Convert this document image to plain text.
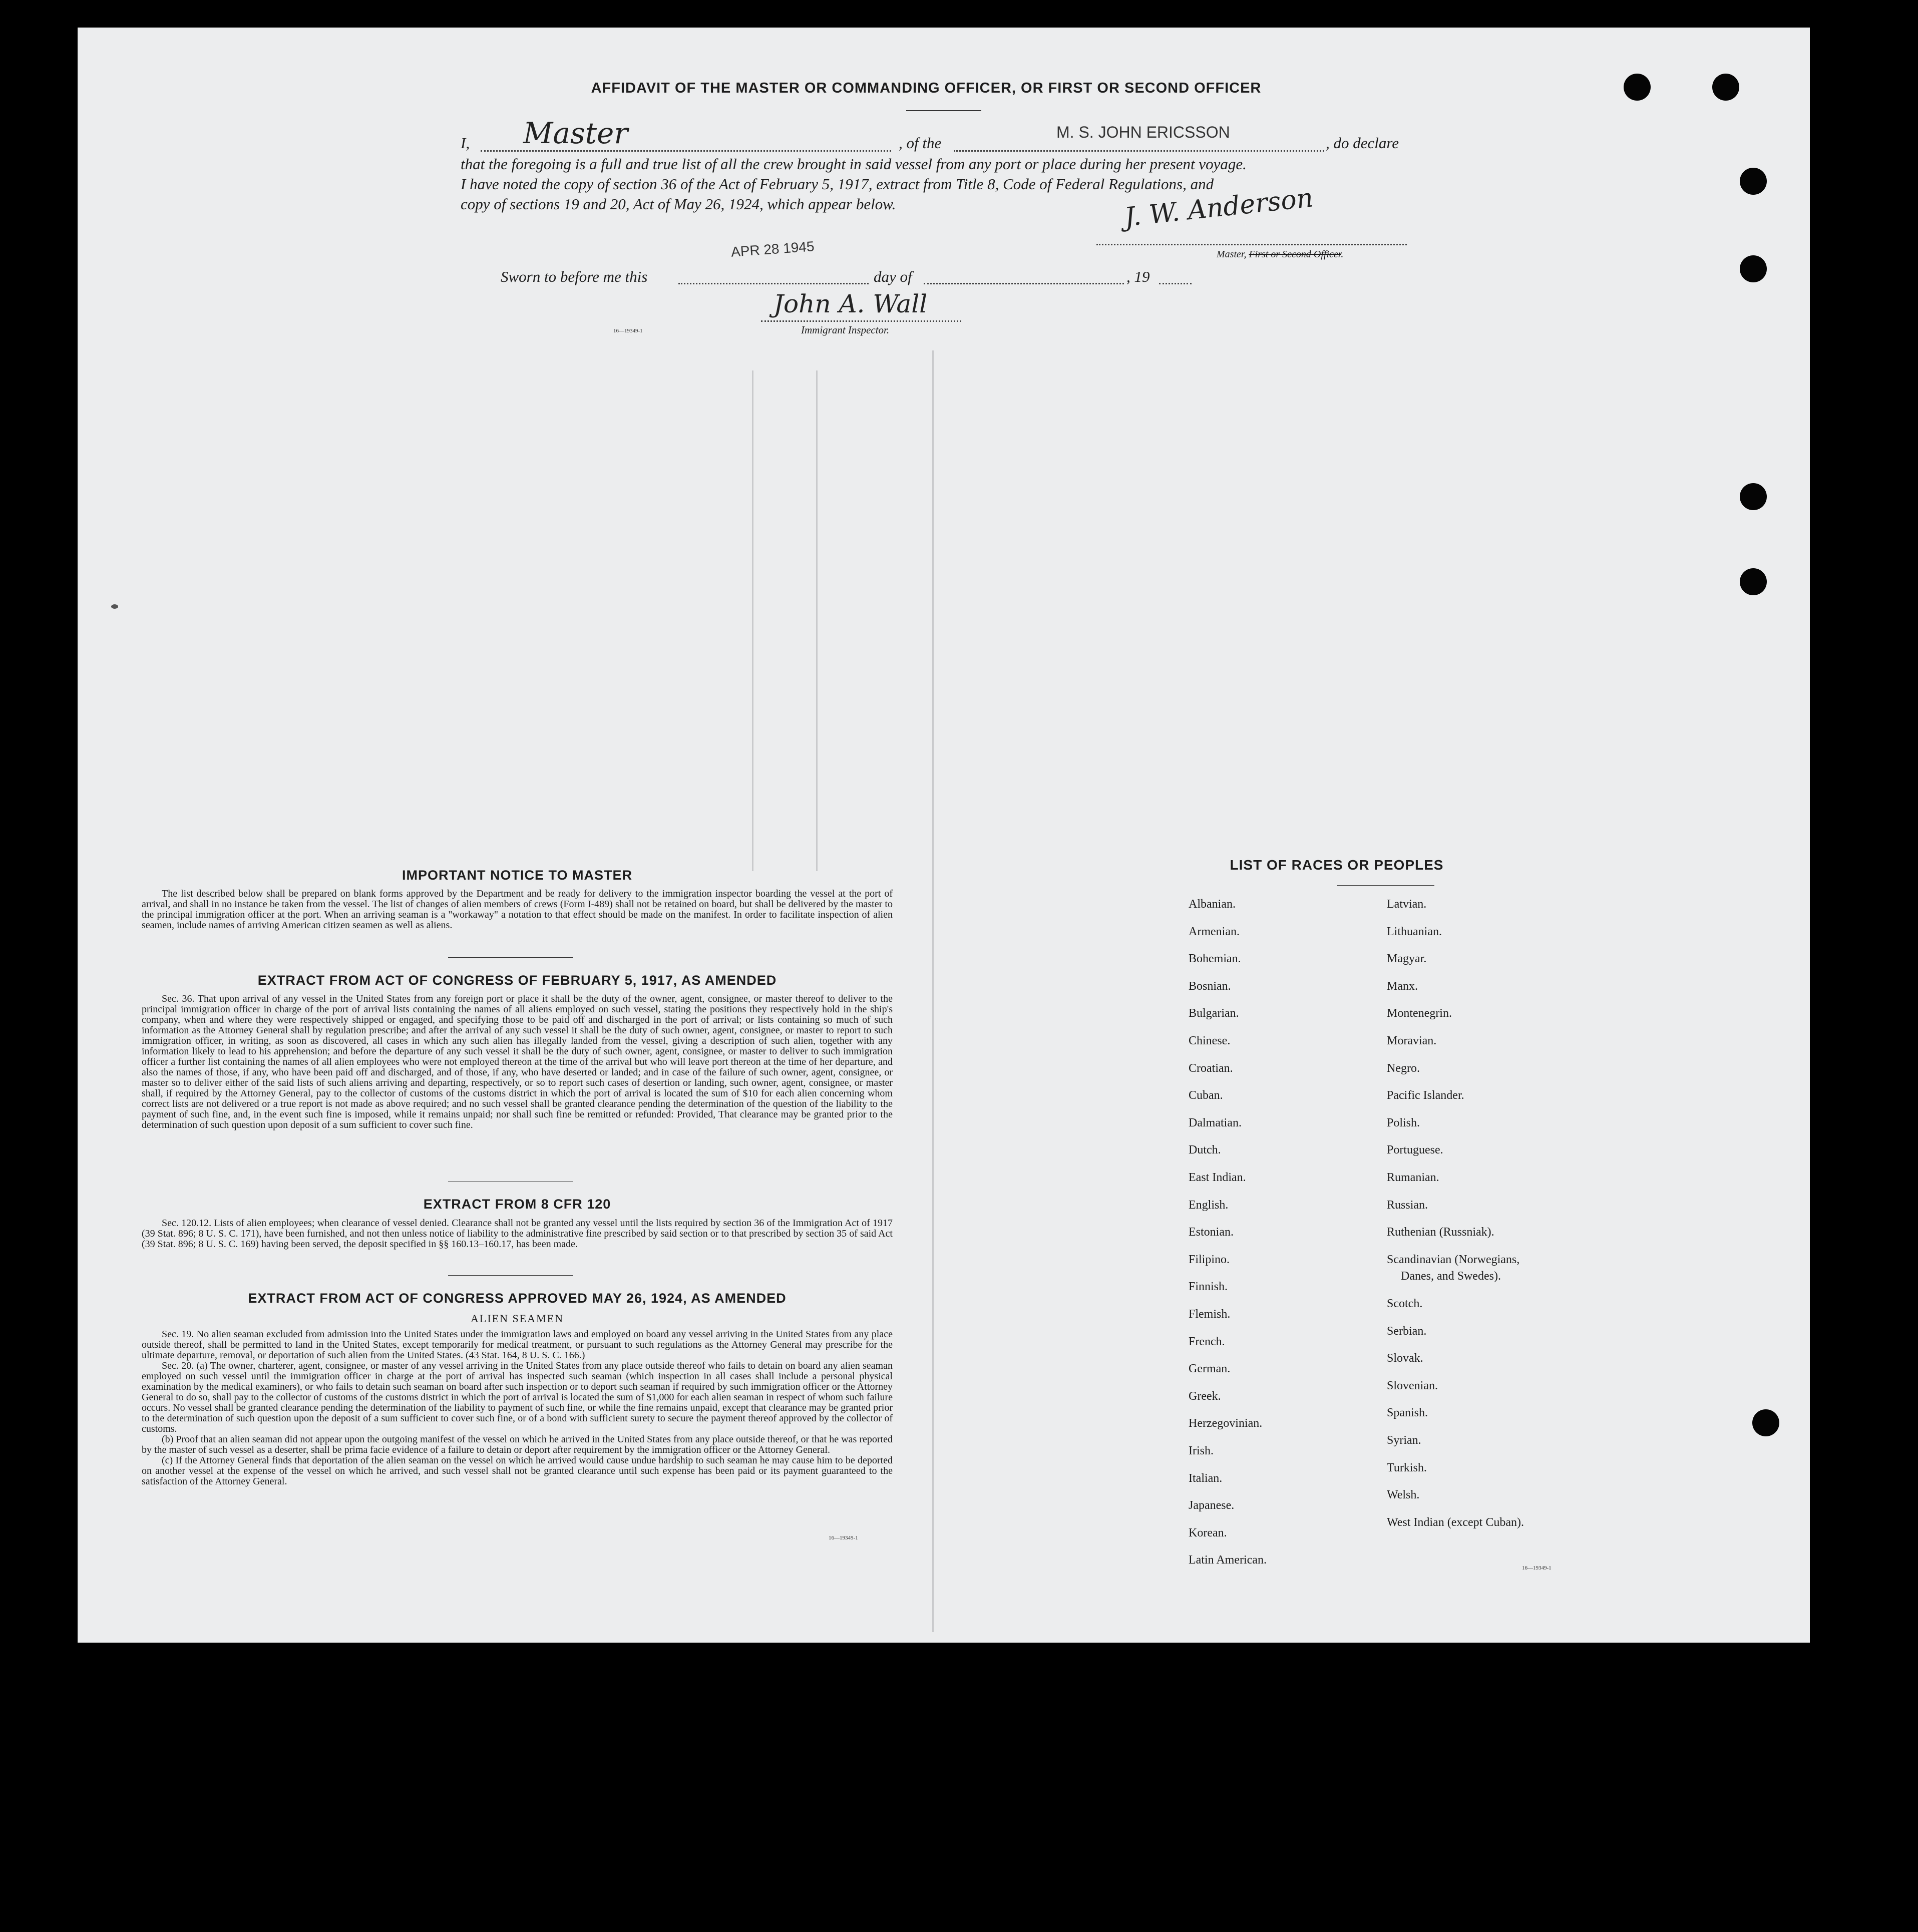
AFFIDAVIT OF THE MASTER OR COMMANDING OFFICER, OR FIRST OR SECOND OFFICER
I, Master	, of the
M. S. JOHN ERICSSON
, do declare
that the foregoing is a full and true list of all the crew brought in said vessel from any port or place during her present voyage.
I have noted the copy of section 36 of the Act of February 5, 1917, extract from Title 8, Code of Federal Regulations, and
copy of sections 19 and 20, Act of May 26, 1924, which appear below.	J. W. Anderson
Master, First or Second Officer.
Sworn to before me this
APR 28 1945
day of	, 19
John A. Wall
Immigrant Inspector.
16—19349-1
IMPORTANT NOTICE TO MASTER

The list described below shall be prepared on blank forms approved by the Department and be ready for delivery to the immigration inspector boarding the vessel at the port of arrival, and shall in no instance be taken from the vessel. The list of changes of alien members of crews (Form I-489) shall not be retained on board, but shall be delivered by the master to the principal immigration officer at the port. When an arriving seaman is a "workaway" a notation to that effect should be made on the manifest. In order to facilitate inspection of alien seamen, include names of arriving American citizen seamen as well as aliens.

EXTRACT FROM ACT OF CONGRESS OF FEBRUARY 5, 1917, AS AMENDED

Sec. 36. That upon arrival of any vessel in the United States from any foreign port or place it shall be the duty of the owner, agent, consignee, or master thereof to deliver to the principal immigration officer in charge of the port of arrival lists containing the names of all aliens employed on such vessel, stating the positions they respectively hold in the ship's company, when and where they were respectively shipped or engaged, and specifying those to be paid off and discharged in the port of arrival; or lists containing so much of such information as the Attorney General shall by regulation prescribe; and after the arrival of any such vessel it shall be the duty of such owner, agent, consignee, or master to report to such immigration officer, in writing, as soon as discovered, all cases in which any such alien has illegally landed from the vessel, giving a description of such alien, together with any information likely to lead to his apprehension; and before the departure of any such vessel it shall be the duty of such owner, agent, consignee, or master to deliver to such immigration officer a further list containing the names of all alien employees who were not employed thereon at the time of the arrival but who will leave port thereon at the time of her departure, and also the names of those, if any, who have been paid off and discharged, and of those, if any, who have deserted or landed; and in case of the failure of such owner, agent, consignee, or master so to deliver either of the said lists of such aliens arriving and departing, respectively, or so to report such cases of desertion or landing, such owner, agent, consignee, or master shall, if required by the Attorney General, pay to the collector of customs of the customs district in which the port of arrival is located the sum of $10 for each alien concerning whom correct lists are not delivered or a true report is not made as above required; and no such vessel shall be granted clearance pending the determination of the question of the liability to the payment of such fine, and, in the event such fine is imposed, while it remains unpaid; nor shall such fine be remitted or refunded: Provided, That clearance may be granted prior to the determination of such question upon deposit of a sum sufficient to cover such fine.

EXTRACT FROM 8 CFR 120

Sec. 120.12. Lists of alien employees; when clearance of vessel denied. Clearance shall not be granted any vessel until the lists required by section 36 of the Immigration Act of 1917 (39 Stat. 896; 8 U. S. C. 171), have been furnished, and not then unless notice of liability to the administrative fine prescribed by said section or to that prescribed by section 35 of said Act (39 Stat. 896; 8 U. S. C. 169) having been served, the deposit specified in §§ 160.13–160.17, has been made.

EXTRACT FROM ACT OF CONGRESS APPROVED MAY 26, 1924, AS AMENDED
ALIEN SEAMEN

Sec. 19. No alien seaman excluded from admission into the United States under the immigration laws and employed on board any vessel arriving in the United States from any place outside thereof, shall be permitted to land in the United States, except temporarily for medical treatment, or pursuant to such regulations as the Attorney General may prescribe for the ultimate departure, removal, or deportation of such alien from the United States. (43 Stat. 164, 8 U. S. C. 166.)

Sec. 20. (a) The owner, charterer, agent, consignee, or master of any vessel arriving in the United States from any place outside thereof who fails to detain on board any alien seaman employed on such vessel until the immigration officer in charge at the port of arrival has inspected such seaman (which inspection in all cases shall include a personal physical examination by the medical examiners), or who fails to detain such seaman on board after such inspection or to deport such seaman if required by such immigration officer or the Attorney General to do so, shall pay to the collector of customs of the customs district in which the port of arrival is located the sum of $1,000 for each alien seaman in respect of whom such failure occurs. No vessel shall be granted clearance pending the determination of the liability to payment of such fine, or while the fine remains unpaid, except that clearance may be granted prior to the determination of such question upon the deposit of a sum sufficient to cover such fine, or of a bond with sufficient surety to secure the payment thereof approved by the collector of customs.

(b) Proof that an alien seaman did not appear upon the outgoing manifest of the vessel on which he arrived in the United States from any place outside thereof, or that he was reported by the master of such vessel as a deserter, shall be prima facie evidence of a failure to detain or deport after requirement by the immigration officer or the Attorney General.

(c) If the Attorney General finds that deportation of the alien seaman on the vessel on which he arrived would cause undue hardship to such seaman he may cause him to be deported on another vessel at the expense of the vessel on which he arrived, and such vessel shall not be granted clearance until such expense has been paid or its payment guaranteed to the satisfaction of the Attorney General.

16—19349-1
LIST OF RACES OR PEOPLES
Albanian.
Armenian.
Bohemian.
Bosnian.
Bulgarian.
Chinese.
Croatian.
Cuban.
Dalmatian.
Dutch.
East Indian.
English.
Estonian.
Filipino.
Finnish.
Flemish.
French.
German.
Greek.
Herzegovinian.
Irish.
Italian.
Japanese.
Korean.
Latin American.
Latvian.
Lithuanian.
Magyar.
Manx.
Montenegrin.
Moravian.
Negro.
Pacific Islander.
Polish.
Portuguese.
Rumanian.
Russian.
Ruthenian (Russniak).
Scandinavian (Norwegians,
Danes, and Swedes).
Scotch.
Serbian.
Slovak.
Slovenian.
Spanish.
Syrian.
Turkish.
Welsh.
West Indian (except Cuban).
16—19349-1
